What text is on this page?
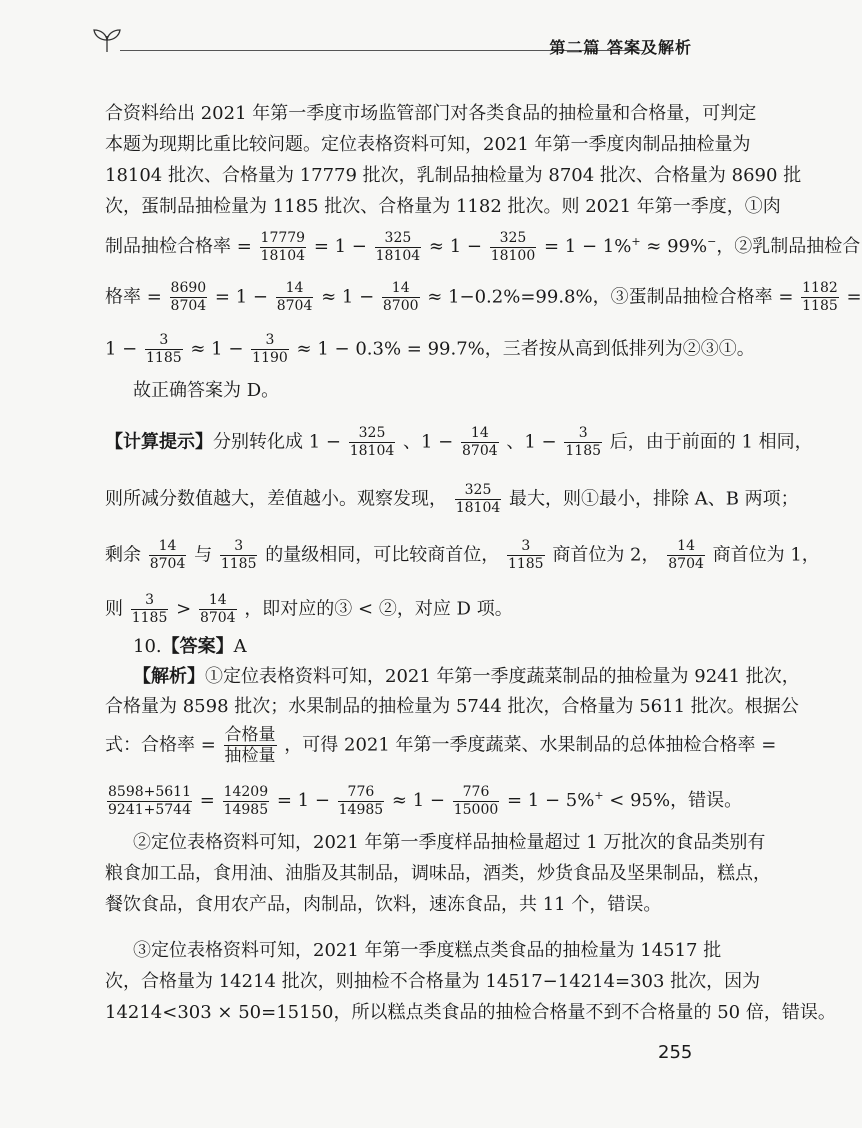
第二篇 答案及解析
合资料给出 2021 年第一季度市场监管部门对各类食品的抽检量和合格量，可判定
本题为现期比重比较问题。定位表格资料可知，2021 年第一季度肉制品抽检量为
18104 批次、合格量为 17779 批次，乳制品抽检量为 8704 批次、合格量为 8690 批
次，蛋制品抽检量为 1185 批次、合格量为 1182 批次。则 2021 年第一季度，①肉
制品抽检合格率 = $\frac{17779}{18104} = 1 - \frac{325}{18104} \approx 1 - \frac{325}{18100} = 1 - 1\%^+ \approx 99\%^-$，②乳制品抽检合
格率 = $\frac{8690}{8704} = 1 - \frac{14}{8704} \approx 1 - \frac{14}{8700} \approx 1-0.2\%=99.8\%$，③蛋制品抽检合格率 = $\frac{1182}{1185}$ =
$1 - \frac{3}{1185} \approx 1 - \frac{3}{1190} \approx 1 - 0.3\% = 99.7\%$，三者按从高到低排列为②③①。
故正确答案为 D。
【计算提示】分别转化成 $1 - \frac{325}{18104}$ 、$1 - \frac{14}{8704}$ 、$1 - \frac{3}{1185}$ 后，由于前面的 1 相同，
则所减分数值越大，差值越小。观察发现， $\frac{325}{18104}$ 最大，则①最小，排除 A、B 两项；
剩余 $\frac{14}{8704}$ 与 $\frac{3}{1185}$ 的量级相同，可比较商首位， $\frac{3}{1185}$ 商首位为 2， $\frac{14}{8704}$ 商首位为 1，
则 $\frac{3}{1185} > \frac{14}{8704}$ ，即对应的③ < ②，对应 D 项。
10.【答案】A
【解析】①定位表格资料可知，2021 年第一季度蔬菜制品的抽检量为 9241 批次，
合格量为 8598 批次；水果制品的抽检量为 5744 批次，合格量为 5611 批次。根据公
式：合格率 = $\frac{\text{合格量}}{\text{抽检量}}$ ，可得 2021 年第一季度蔬菜、水果制品的总体抽检合格率 =
$\frac{8598+5611}{9241+5744} = \frac{14209}{14985} = 1 - \frac{776}{14985} \approx 1 - \frac{776}{15000} = 1 - 5\%^+ < 95\%$，错误。
②定位表格资料可知，2021 年第一季度样品抽检量超过 1 万批次的食品类别有
粮食加工品，食用油、油脂及其制品，调味品，酒类，炒货食品及坚果制品，糕点，
餐饮食品，食用农产品，肉制品，饮料，速冻食品，共 11 个，错误。
③定位表格资料可知，2021 年第一季度糕点类食品的抽检量为 14517 批
次，合格量为 14214 批次，则抽检不合格量为 14517−14214=303 批次，因为
14214<303 × 50=15150，所以糕点类食品的抽检合格量不到不合格量的 50 倍，错误。
255
